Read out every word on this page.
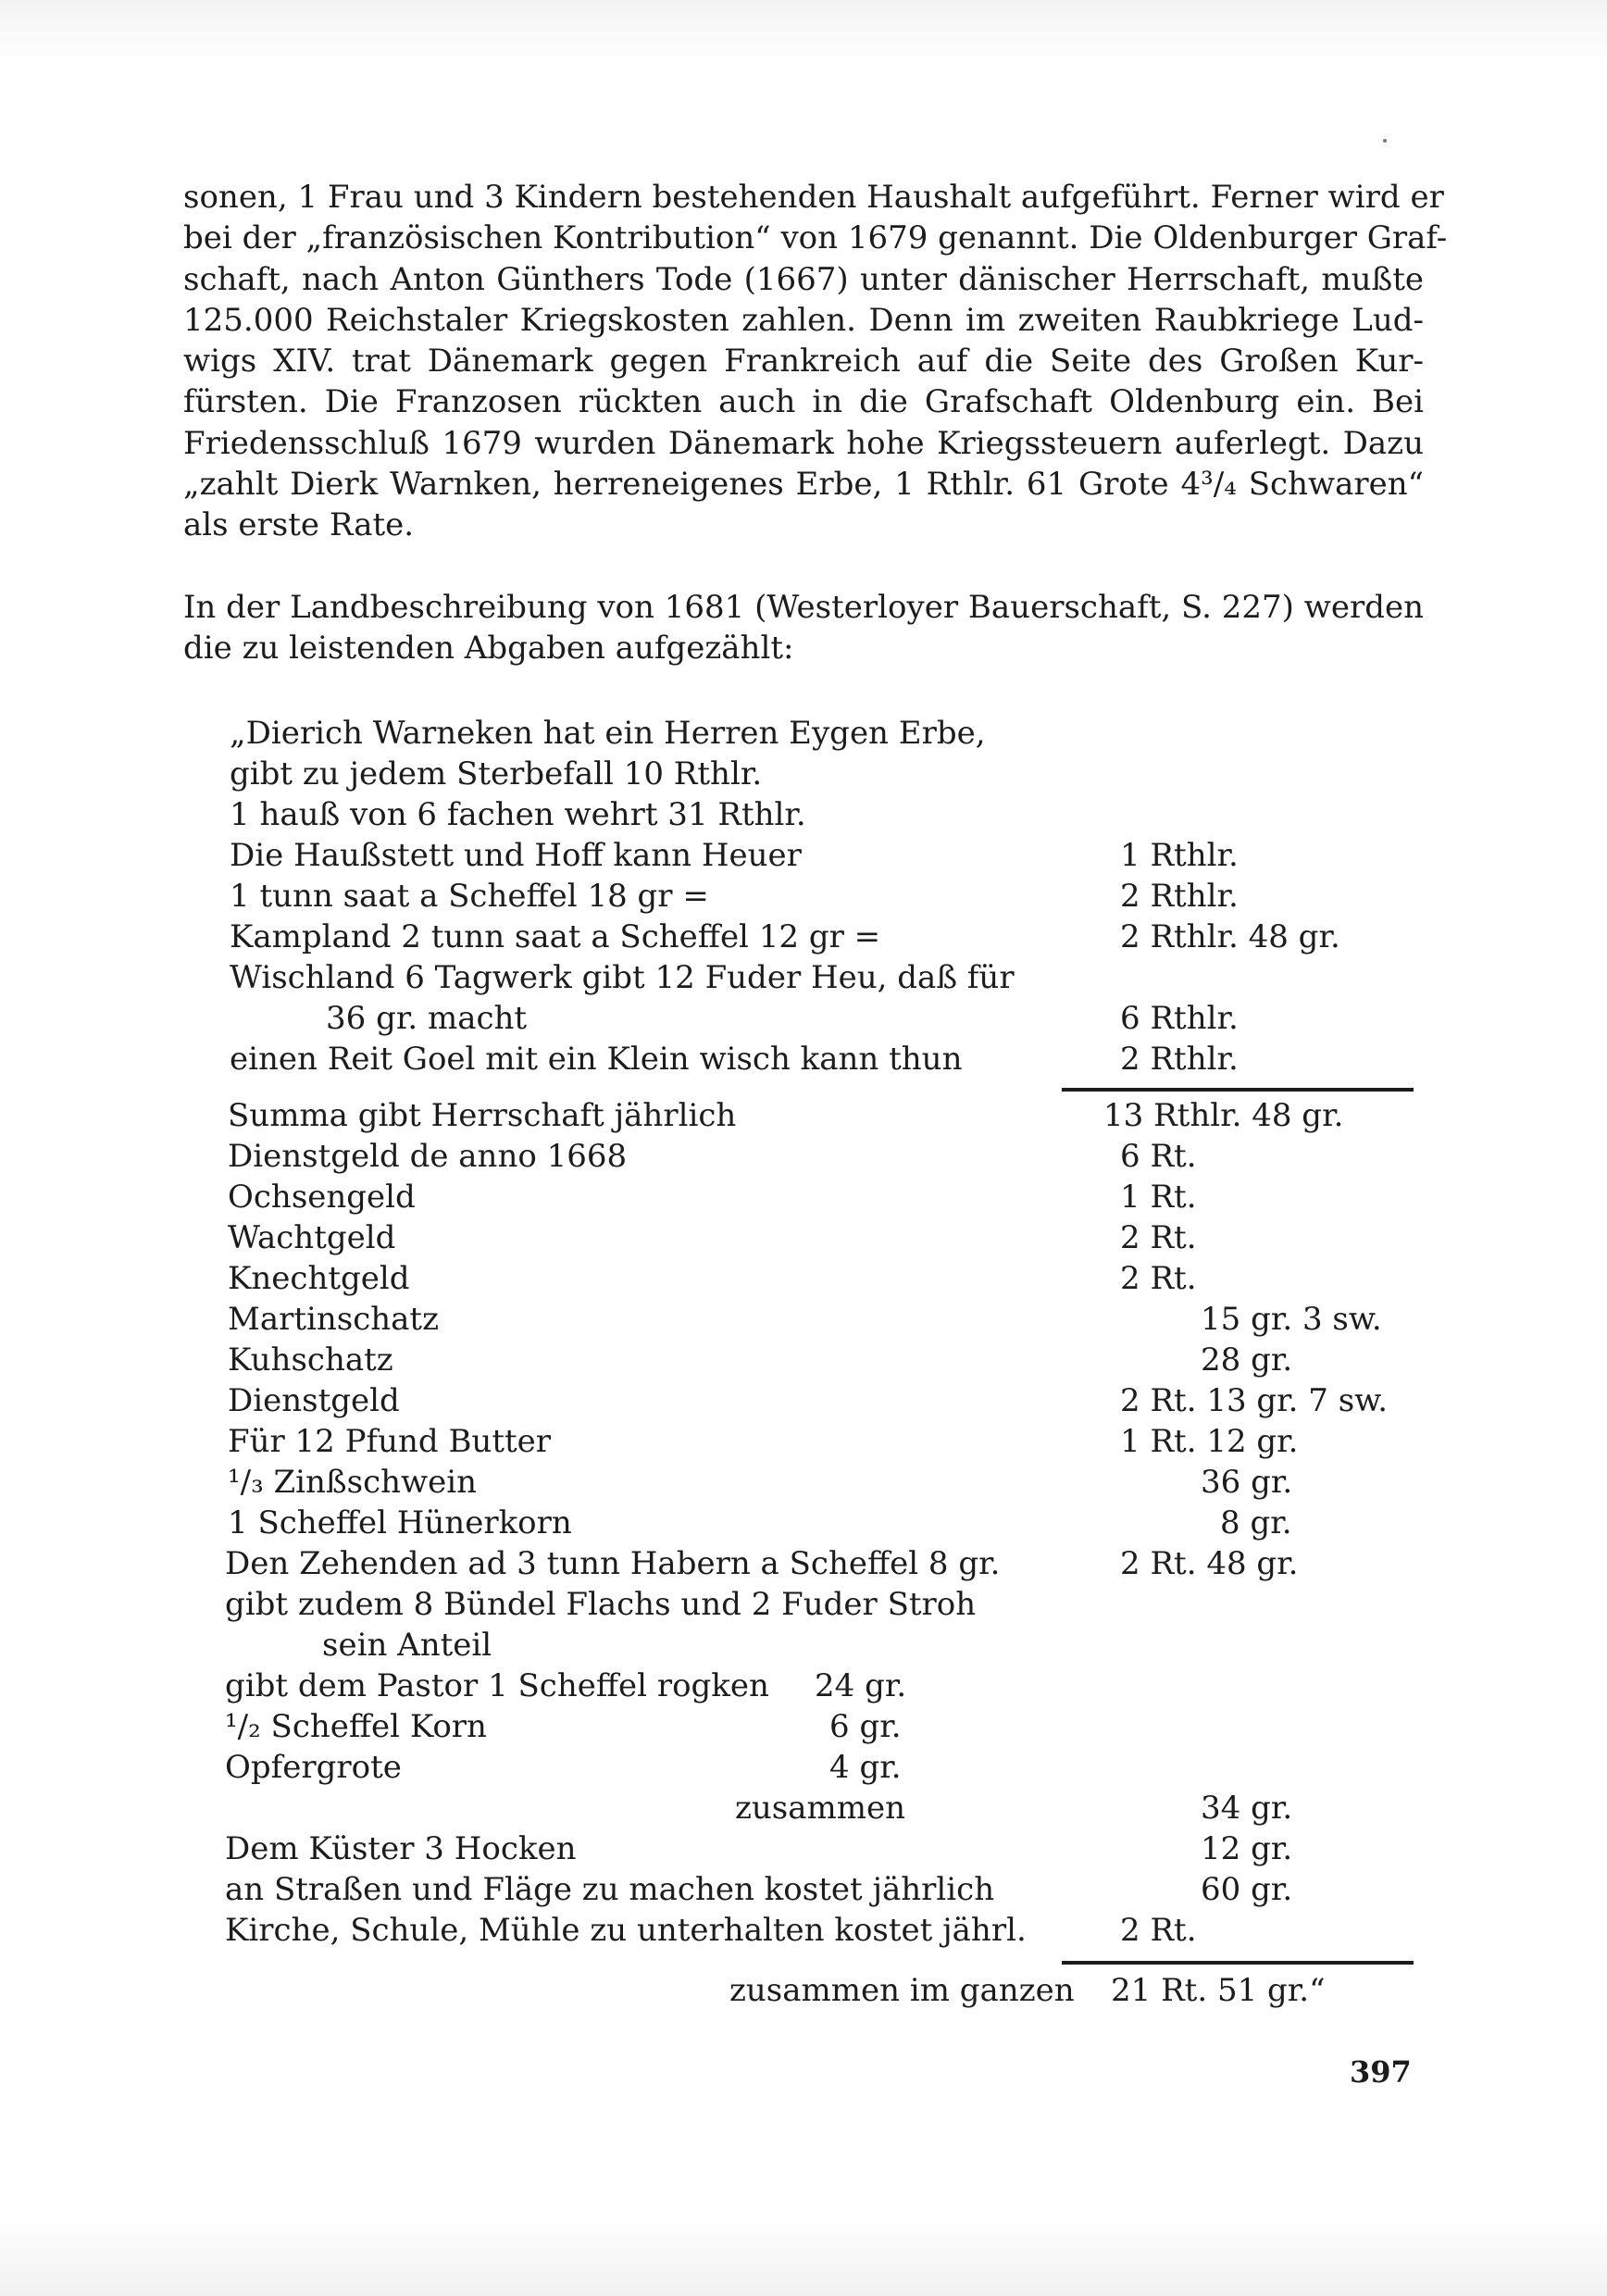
sonen, 1 Frau und 3 Kindern bestehenden Haushalt aufgeführt. Ferner wird er
bei der „französischen Kontribution“ von 1679 genannt. Die Oldenburger Graf-
schaft, nach Anton Günthers Tode (1667) unter dänischer Herrschaft, mußte
125.000 Reichstaler Kriegskosten zahlen. Denn im zweiten Raubkriege Lud-
wigs XIV. trat Dänemark gegen Frankreich auf die Seite des Großen Kur-
fürsten. Die Franzosen rückten auch in die Grafschaft Oldenburg ein. Bei
Friedensschluß 1679 wurden Dänemark hohe Kriegssteuern auferlegt. Dazu
„zahlt Dierk Warnken, herreneigenes Erbe, 1 Rthlr. 61 Grote 4³/₄ Schwaren“
als erste Rate.
In der Landbeschreibung von 1681 (Westerloyer Bauerschaft, S. 227) werden
die zu leistenden Abgaben aufgezählt:
„Dierich Warneken hat ein Herren Eygen Erbe,
gibt zu jedem Sterbefall 10 Rthlr.
1 hauß von 6 fachen wehrt 31 Rthlr.
Die Haußstett und Hoff kann Heuer	1 Rthlr.
1 tunn saat a Scheffel 18 gr =	2 Rthlr.
Kampland 2 tunn saat a Scheffel 12 gr =	2 Rthlr. 48 gr.
Wischland 6 Tagwerk gibt 12 Fuder Heu, daß für
36 gr. macht	6 Rthlr.
einen Reit Goel mit ein Klein wisch kann thun	2 Rthlr.
Summa gibt Herrschaft jährlich	13 Rthlr. 48 gr.
Dienstgeld de anno 1668	6 Rt.
Ochsengeld	1 Rt.
Wachtgeld	2 Rt.
Knechtgeld	2 Rt.
Martinschatz	15 gr. 3 sw.
Kuhschatz	28 gr.
Dienstgeld	2 Rt. 13 gr. 7 sw.
Für 12 Pfund Butter	1 Rt. 12 gr.
¹/₃ Zinßschwein	36 gr.
1 Scheffel Hünerkorn	8 gr.
Den Zehenden ad 3 tunn Habern a Scheffel 8 gr.	2 Rt. 48 gr.
gibt zudem 8 Bündel Flachs und 2 Fuder Stroh
sein Anteil
gibt dem Pastor 1 Scheffel rogken 24 gr.
¹/₂ Scheffel Korn	6 gr.
Opfergrote	4 gr.
zusammen	34 gr.
Dem Küster 3 Hocken	12 gr.
an Straßen und Fläge zu machen kostet jährlich	60 gr.
Kirche, Schule, Mühle zu unterhalten kostet jährl.	2 Rt.
zusammen im ganzen 21 Rt. 51 gr.“
397
